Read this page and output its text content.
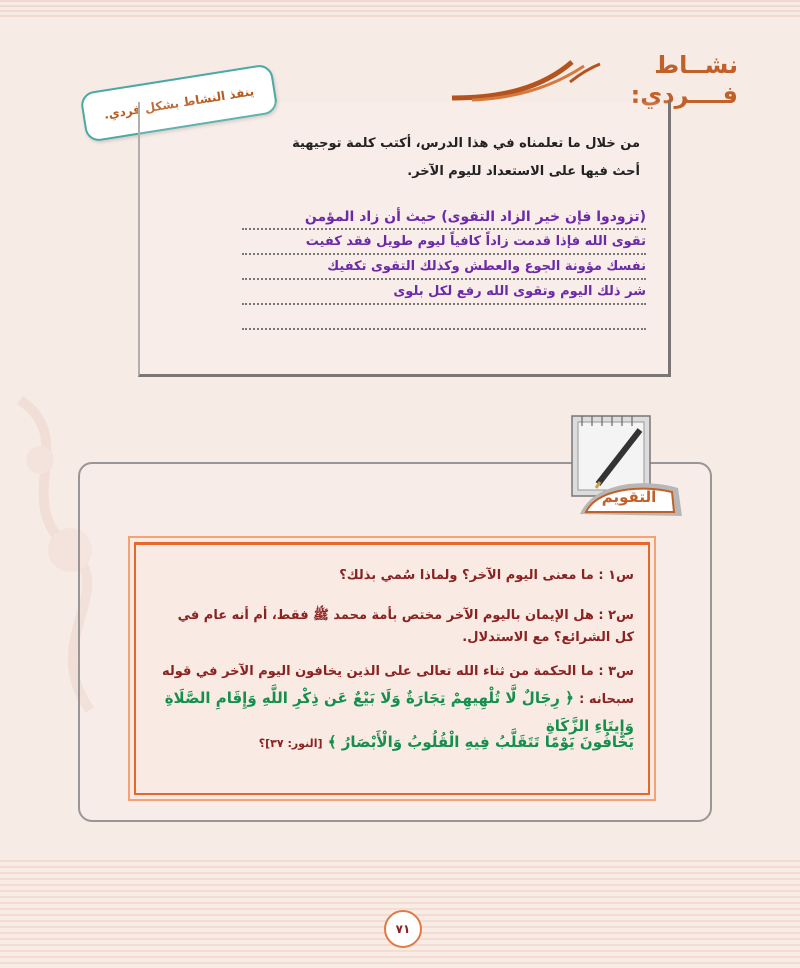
نشــاط
فــــردي:
ينفذ النشاط بشكل فردي.

من خلال ما تعلمناه في هذا الدرس، أكتب كلمة توجيهية

أحث فيها على الاستعداد لليوم الآخر.

(تزودوا فإن خير الزاد التقوى) حيث أن زاد المؤمن
تقوى الله فإذا قدمت زاداً كافياً ليوم طويل فقد كفيت
نفسك مؤونة الجوع والعطش وكذلك التقوى تكفيك
شر ذلك اليوم وتقوى الله رفع لكل بلوى
التقويم
س١ : ما معنى اليوم الآخر؟ ولماذا سُمي بذلك؟
س٢ : هل الإيمان باليوم الآخر مختص بأمة محمد ﷺ فقط، أم أنه عام في كل الشرائع؟ مع الاستدلال.
س٣ : ما الحكمة من ثناء الله تعالى على الذين يخافون اليوم الآخر في قوله
سبحانه : ﴿ رِجَالٌ لَّا تُلْهِيهِمْ تِجَارَةٌ وَلَا بَيْعٌ عَن ذِكْرِ اللَّهِ وَإِقَامِ الصَّلَاةِ وَإِيتَاءِ الزَّكَاةِ
يَخَافُونَ يَوْمًا تَتَقَلَّبُ فِيهِ الْقُلُوبُ وَالْأَبْصَارُ ﴾ [النور: ٣٧]؟
٧١
